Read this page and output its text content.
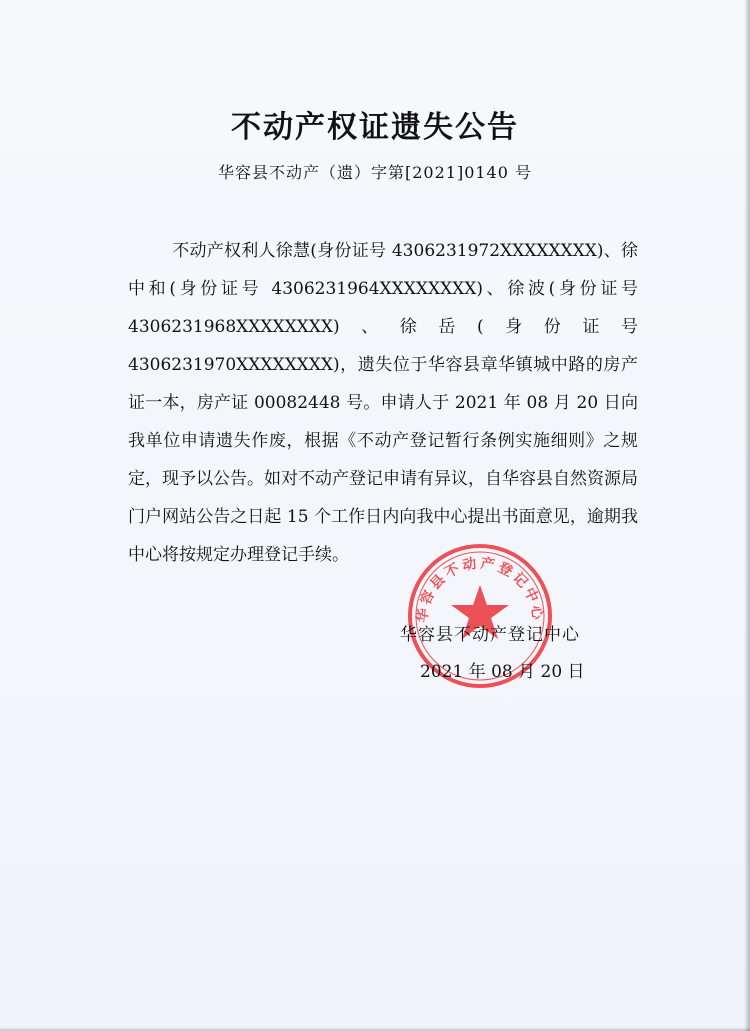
不动产权证遗失公告
华容县不动产（遗）字第[2021]0140 号

不动产权利人徐慧(身份证号 4306231972XXXXXXXX)、徐中和(身份证号 4306231964XXXXXXXX)、徐波(身份证号 4306231968XXXXXXXX)、徐岳(身份证号 4306231970XXXXXXXX)，遗失位于华容县章华镇城中路的房产证一本，房产证 00082448 号。申请人于 2021 年 08 月 20 日向我单位申请遗失作废，根据《不动产登记暂行条例实施细则》之规定，现予以公告。如对不动产登记申请有异议，自华容县自然资源局门户网站公告之日起 15 个工作日内向我中心提出书面意见，逾期我中心将按规定办理登记手续。

华容县不动产登记中心
华容县不动产登记中心
2021 年 08 月 20 日
